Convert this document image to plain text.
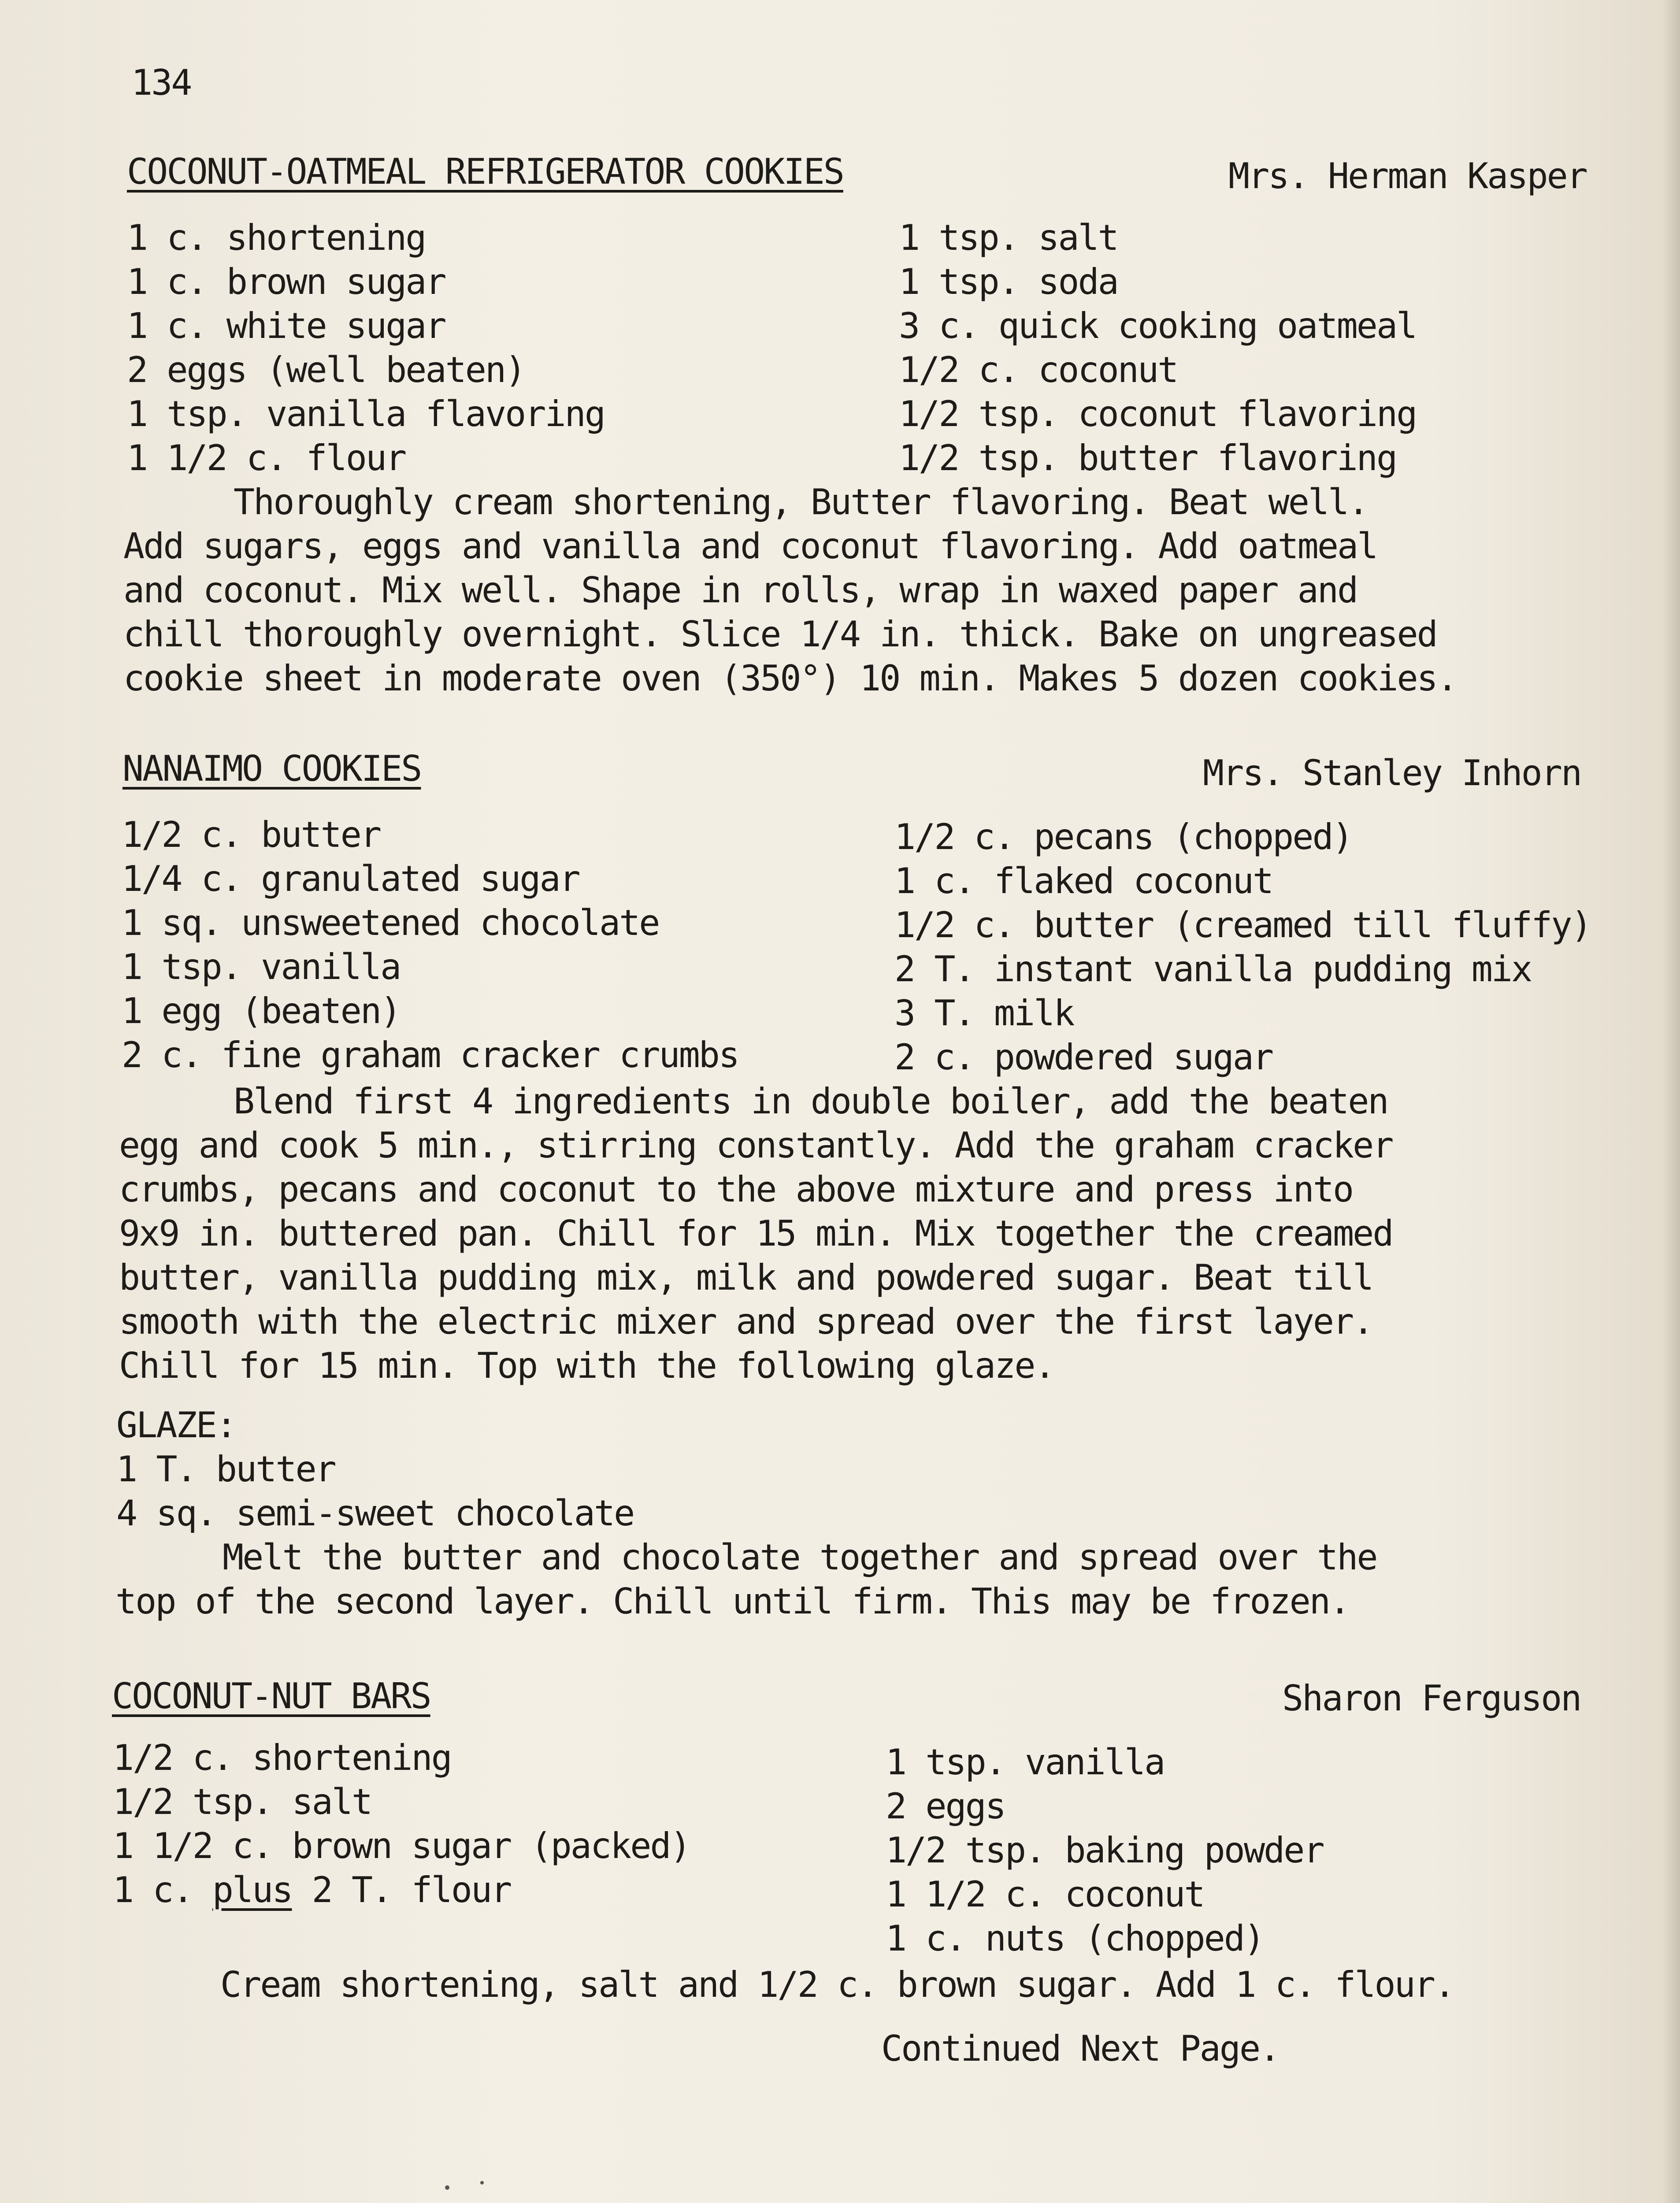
134
COCONUT-OATMEAL REFRIGERATOR COOKIES	Mrs. Herman Kasper
1 c. shortening
1 c. brown sugar
1 c. white sugar
2 eggs (well beaten)
1 tsp. vanilla flavoring
1 1/2 c. flour
1 tsp. salt
1 tsp. soda
3 c. quick cooking oatmeal
1/2 c. coconut
1/2 tsp. coconut flavoring
1/2 tsp. butter flavoring
Thoroughly cream shortening, Butter flavoring. Beat well.
Add sugars, eggs and vanilla and coconut flavoring. Add oatmeal
and coconut. Mix well. Shape in rolls, wrap in waxed paper and
chill thoroughly overnight. Slice 1/4 in. thick. Bake on ungreased
cookie sheet in moderate oven (350°) 10 min. Makes 5 dozen cookies.
NANAIMO COOKIES	Mrs. Stanley Inhorn
1/2 c. butter
1/4 c. granulated sugar
1 sq. unsweetened chocolate
1 tsp. vanilla
1 egg (beaten)
2 c. fine graham cracker crumbs
1/2 c. pecans (chopped)
1 c. flaked coconut
1/2 c. butter (creamed till fluffy)
2 T. instant vanilla pudding mix
3 T. milk
2 c. powdered sugar
Blend first 4 ingredients in double boiler, add the beaten
egg and cook 5 min., stirring constantly. Add the graham cracker
crumbs, pecans and coconut to the above mixture and press into
9x9 in. buttered pan. Chill for 15 min. Mix together the creamed
butter, vanilla pudding mix, milk and powdered sugar. Beat till
smooth with the electric mixer and spread over the first layer.
Chill for 15 min. Top with the following glaze.
GLAZE:
1 T. butter
4 sq. semi-sweet chocolate
Melt the butter and chocolate together and spread over the
top of the second layer. Chill until firm. This may be frozen.
COCONUT-NUT BARS	Sharon Ferguson
1/2 c. shortening
1/2 tsp. salt
1 1/2 c. brown sugar (packed)
1 c. plus 2 T. flour
1 tsp. vanilla
2 eggs
1/2 tsp. baking powder
1 1/2 c. coconut
1 c. nuts (chopped)
Cream shortening, salt and 1/2 c. brown sugar. Add 1 c. flour.
Continued Next Page.
